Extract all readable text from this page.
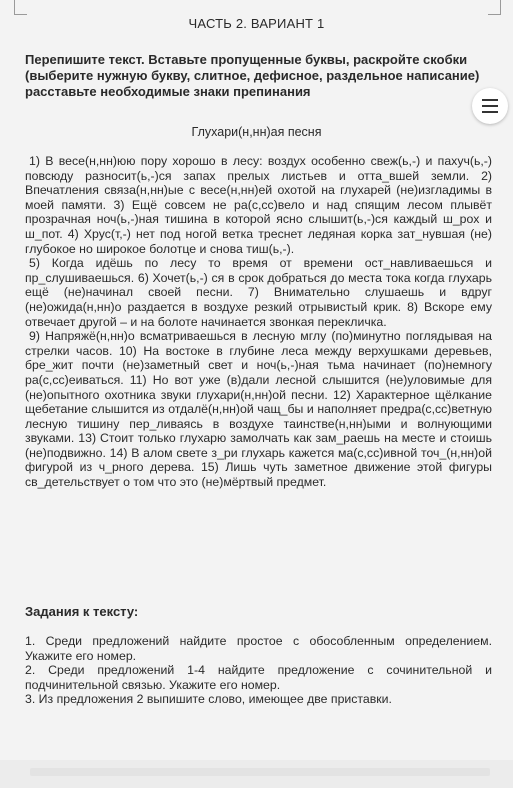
ЧАСТЬ 2. ВАРИАНТ 1
Перепишите текст. Вставьте пропущенные буквы, раскройте скобки (выберите нужную букву, слитное, дефисное, раздельное написание) расставьте необходимые знаки препинания
Глухари(н,нн)ая песня

1) В весе(н,нн)юю пору хорошо в лесу: воздух особенно свеж(ь,-) и пахуч(ь,-) повсюду разносит(ь,-)ся запах прелых листьев и отта_вшей земли. 2) Впечатления связа(н,нн)ые с весе(н,нн)ей охотой на глухарей (не)изгладимы в моей памяти. 3) Ещё совсем не ра(с,сс)вело и над спящим лесом плывёт прозрачная ноч(ь,-)ная тишина в которой ясно слышит(ь,-)ся каждый ш_рох и ш_пот. 4) Хрус(т,-) нет под ногой ветка треснет ледяная корка зат_нувшая (не) глубокое но широкое болотце и снова тиш(ь,-).

5) Когда идёшь по лесу то время от времени ост_навливаешься и пр_слушиваешься. 6) Хочет(ь,-) ся в срок добраться до места тока когда глухарь ещё (не)начинал своей песни. 7) Внимательно слушаешь и вдруг (не)ожида(н,нн)о раздается в воздухе резкий отрывистый крик. 8) Вскоре ему отвечает другой – и на болоте начинается звонкая перекличка.

9) Напряжё(н,нн)о всматриваешься в лесную мглу (по)минутно поглядывая на стрелки часов. 10) На востоке в глубине леса между верхушками деревьев, бре_жит почти (не)заметный свет и ноч(ь,-)ная тьма начинает (по)немногу ра(с,сс)еиваться. 11) Но вот уже (в)дали лесной слышится (не)уловимые для (не)опытного охотника звуки глухари(н,нн)ой песни. 12) Характерное щёлкание щебетание слышится из отдалё(н,нн)ой чащ_бы и наполняет предра(с,сс)ветную лесную тишину пер_ливаясь в воздухе таинстве(н,нн)ыми и волнующими звуками. 13) Стоит только глухарю замолчать как зам_раешь на месте и стоишь (не)подвижно. 14) В алом свете з_ри глухарь кажется ма(с,сс)ивной точ_(н,нн)ой фигурой из ч_рного дерева. 15) Лишь чуть заметное движение этой фигуры св_детельствует о том что это (не)мёртвый предмет.

Задания к тексту:

1. Среди предложений найдите простое с обособленным определением. Укажите его номер.

2. Среди предложений 1-4 найдите предложение с сочинительной и подчинительной связью. Укажите его номер.

3. Из предложения 2 выпишите слово, имеющее две приставки.
